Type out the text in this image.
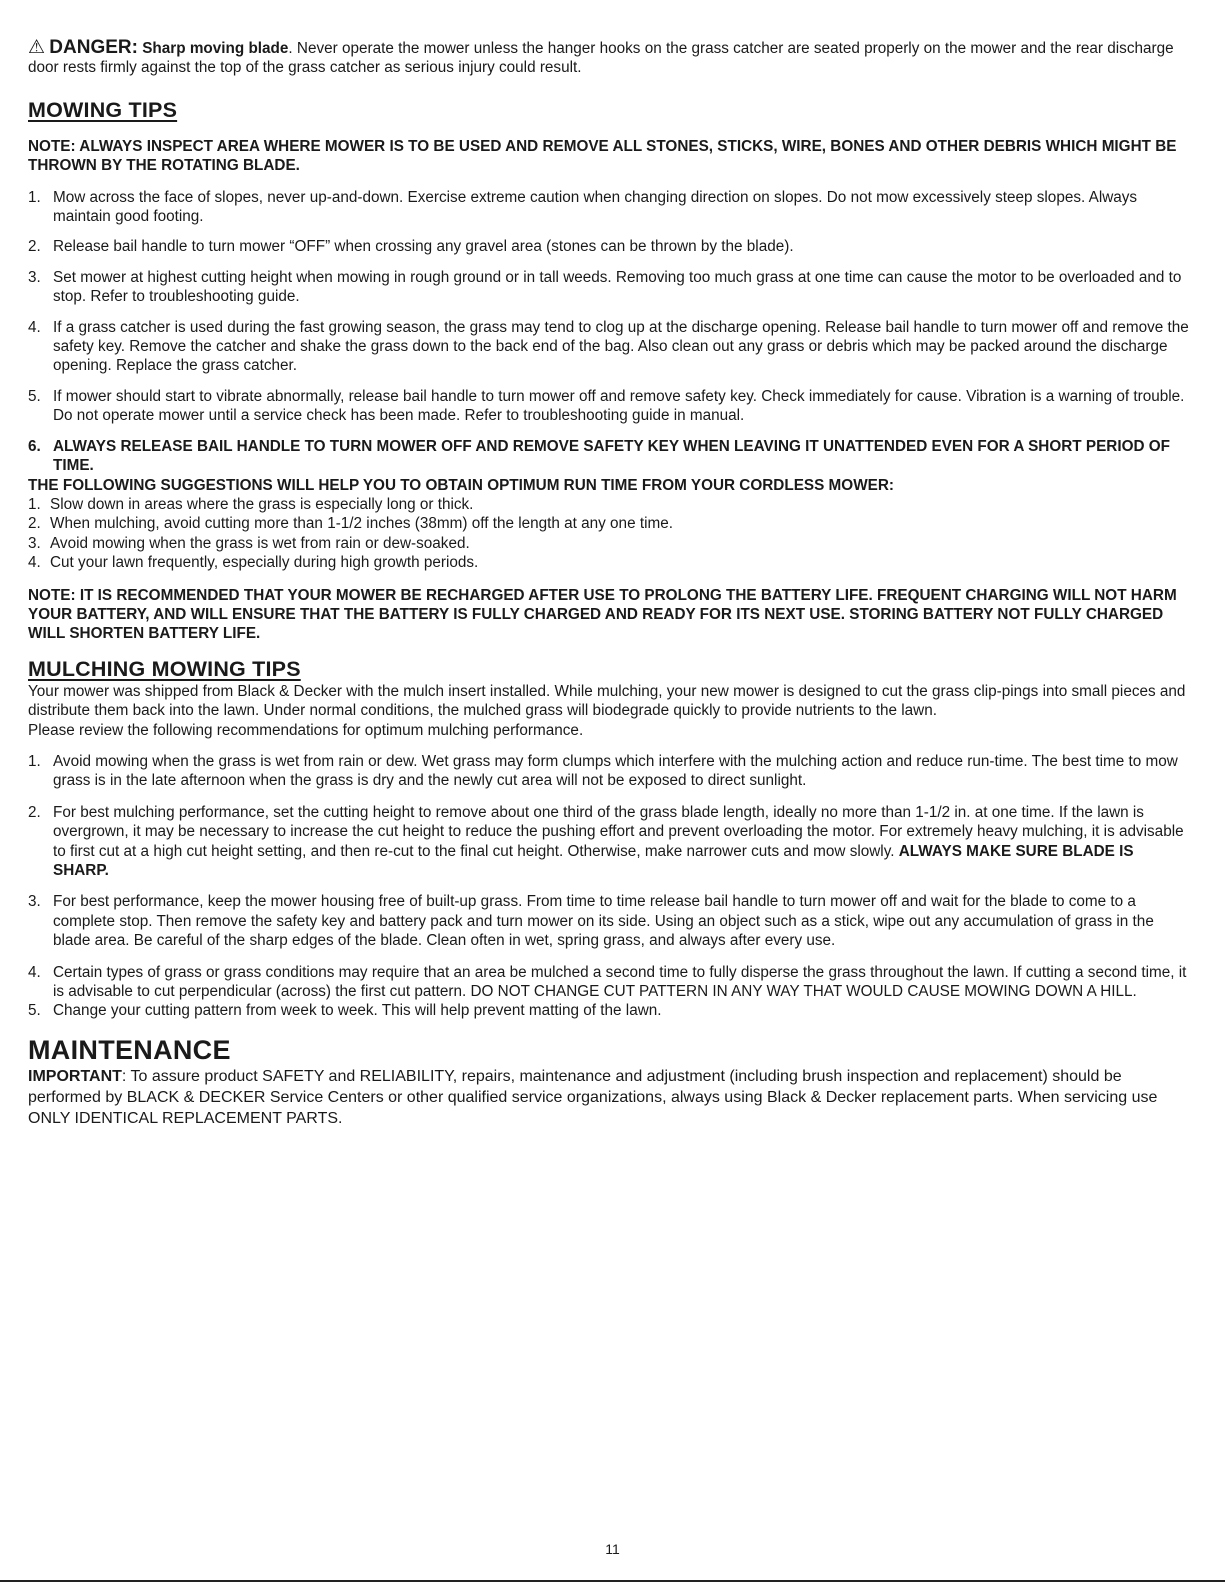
⚠ DANGER: Sharp moving blade. Never operate the mower unless the hanger hooks on the grass catcher are seated properly on the mower and the rear discharge door rests firmly against the top of the grass catcher as serious injury could result.

MOWING TIPS

NOTE: ALWAYS INSPECT AREA WHERE MOWER IS TO BE USED AND REMOVE ALL STONES, STICKS, WIRE, BONES AND OTHER DEBRIS WHICH MIGHT BE THROWN BY THE ROTATING BLADE.

1. Mow across the face of slopes, never up-and-down. Exercise extreme caution when changing direction on slopes. Do not mow excessively steep slopes. Always maintain good footing.
2. Release bail handle to turn mower “OFF” when crossing any gravel area (stones can be thrown by the blade).
3. Set mower at highest cutting height when mowing in rough ground or in tall weeds. Removing too much grass at one time can cause the motor to be overloaded and to stop. Refer to troubleshooting guide.
4. If a grass catcher is used during the fast growing season, the grass may tend to clog up at the discharge opening. Release bail handle to turn mower off and remove the safety key. Remove the catcher and shake the grass down to the back end of the bag. Also clean out any grass or debris which may be packed around the discharge opening. Replace the grass catcher.
5. If mower should start to vibrate abnormally, release bail handle to turn mower off and remove safety key. Check immediately for cause. Vibration is a warning of trouble. Do not operate mower until a service check has been made. Refer to troubleshooting guide in manual.
6. ALWAYS RELEASE BAIL HANDLE TO TURN MOWER OFF AND REMOVE SAFETY KEY WHEN LEAVING IT UNATTENDED EVEN FOR A SHORT PERIOD OF TIME.

THE FOLLOWING SUGGESTIONS WILL HELP YOU TO OBTAIN OPTIMUM RUN TIME FROM YOUR CORDLESS MOWER:

1. Slow down in areas where the grass is especially long or thick.
2. When mulching, avoid cutting more than 1-1/2 inches (38mm) off the length at any one time.
3. Avoid mowing when the grass is wet from rain or dew-soaked.
4. Cut your lawn frequently, especially during high growth periods.

NOTE: IT IS RECOMMENDED THAT YOUR MOWER BE RECHARGED AFTER USE TO PROLONG THE BATTERY LIFE. FREQUENT CHARGING WILL NOT HARM YOUR BATTERY, AND WILL ENSURE THAT THE BATTERY IS FULLY CHARGED AND READY FOR ITS NEXT USE. STORING BATTERY NOT FULLY CHARGED WILL SHORTEN BATTERY LIFE.

MULCHING MOWING TIPS

Your mower was shipped from Black & Decker with the mulch insert installed. While mulching, your new mower is designed to cut the grass clip-pings into small pieces and distribute them back into the lawn. Under normal conditions, the mulched grass will biodegrade quickly to provide nutrients to the lawn.

Please review the following recommendations for optimum mulching performance.

1. Avoid mowing when the grass is wet from rain or dew. Wet grass may form clumps which interfere with the mulching action and reduce run-time. The best time to mow grass is in the late afternoon when the grass is dry and the newly cut area will not be exposed to direct sunlight.
2. For best mulching performance, set the cutting height to remove about one third of the grass blade length, ideally no more than 1-1/2 in. at one time. If the lawn is overgrown, it may be necessary to increase the cut height to reduce the pushing effort and prevent overloading the motor. For extremely heavy mulching, it is advisable to first cut at a high cut height setting, and then re-cut to the final cut height. Otherwise, make narrower cuts and mow slowly. ALWAYS MAKE SURE BLADE IS SHARP.
3. For best performance, keep the mower housing free of built-up grass. From time to time release bail handle to turn mower off and wait for the blade to come to a complete stop. Then remove the safety key and battery pack and turn mower on its side. Using an object such as a stick, wipe out any accumulation of grass in the blade area. Be careful of the sharp edges of the blade. Clean often in wet, spring grass, and always after every use.
4. Certain types of grass or grass conditions may require that an area be mulched a second time to fully disperse the grass throughout the lawn. If cutting a second time, it is advisable to cut perpendicular (across) the first cut pattern. DO NOT CHANGE CUT PATTERN IN ANY WAY THAT WOULD CAUSE MOWING DOWN A HILL.
5. Change your cutting pattern from week to week. This will help prevent matting of the lawn.

MAINTENANCE

IMPORTANT: To assure product SAFETY and RELIABILITY, repairs, maintenance and adjustment (including brush inspection and replacement) should be performed by BLACK & DECKER Service Centers or other qualified service organizations, always using Black & Decker replacement parts. When servicing use ONLY IDENTICAL REPLACEMENT PARTS.

11
